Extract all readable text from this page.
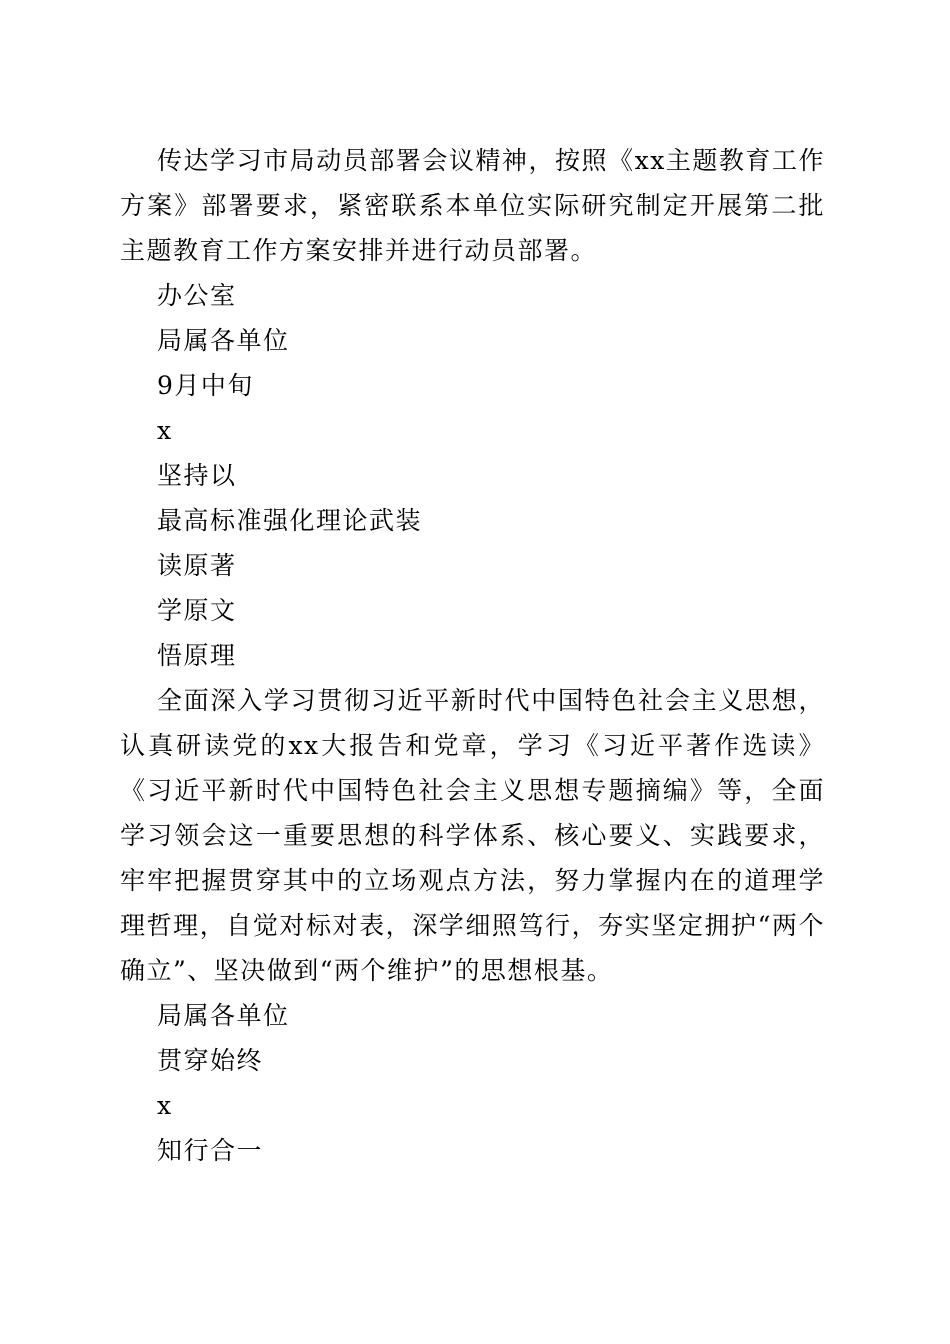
传达学习市局动员部署会议精神，按照《xx主题教育工作方案》部署要求，紧密联系本单位实际研究制定开展第二批主题教育工作方案安排并进行动员部署。

办公室

局属各单位

9月中旬

x

坚持以

最高标准强化理论武装

读原著

学原文

悟原理

全面深入学习贯彻习近平新时代中国特色社会主义思想，认真研读党的xx大报告和党章，学习《习近平著作选读》《习近平新时代中国特色社会主义思想专题摘编》等，全面学习领会这一重要思想的科学体系、核心要义、实践要求，牢牢把握贯穿其中的立场观点方法，努力掌握内在的道理学理哲理，自觉对标对表，深学细照笃行，夯实坚定拥护“两个确立”、坚决做到“两个维护”的思想根基。

局属各单位

贯穿始终

x

知行合一
